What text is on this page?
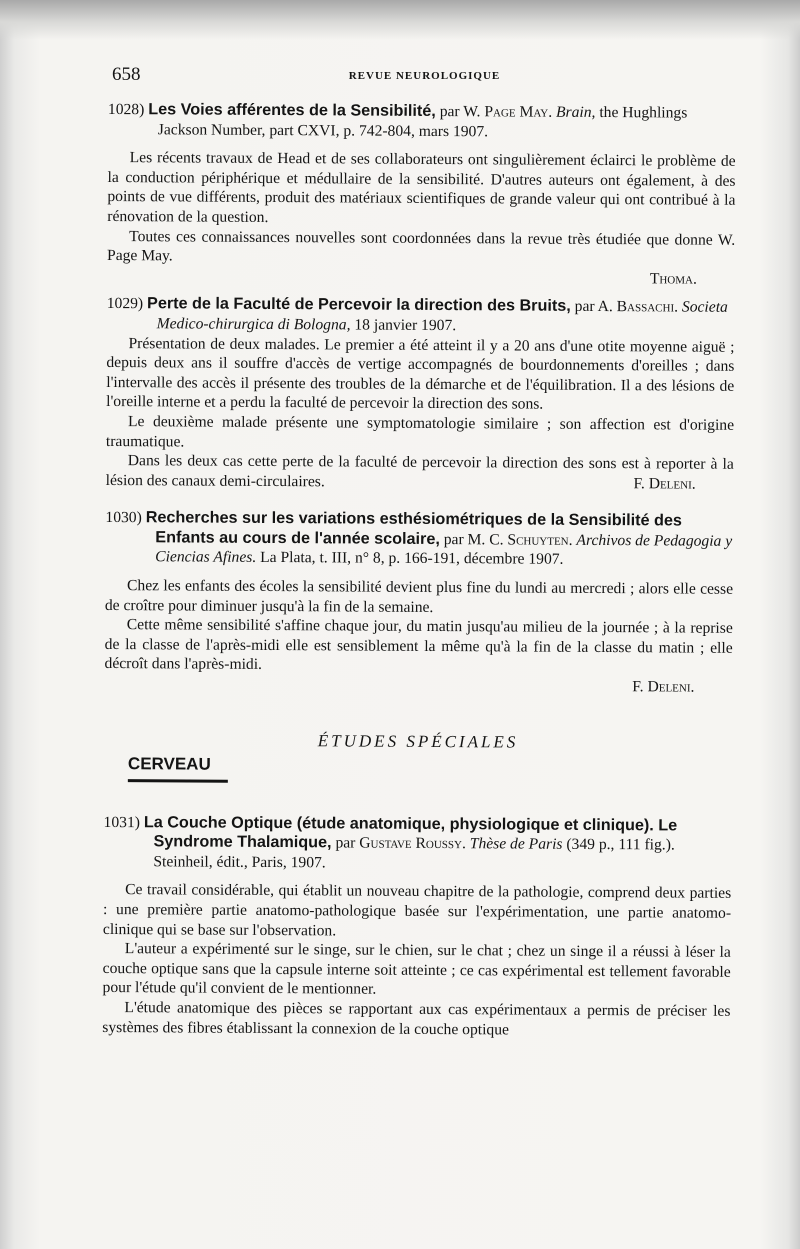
658	REVUE NEUROLOGIQUE

1028) Les Voies afférentes de la Sensibilité, par W. Page May. Brain, the Hughlings Jackson Number, part CXVI, p. 742-804, mars 1907.

Les récents travaux de Head et de ses collaborateurs ont singulièrement éclairci le problème de la conduction périphérique et médullaire de la sensibilité. D'autres auteurs ont également, à des points de vue différents, produit des matériaux scientifiques de grande valeur qui ont contribué à la rénovation de la question.

Toutes ces connaissances nouvelles sont coordonnées dans la revue très étudiée que donne W. Page May.

Thoma.

1029) Perte de la Faculté de Percevoir la direction des Bruits, par A. Bassachi. Societa Medico-chirurgica di Bologna, 18 janvier 1907.

Présentation de deux malades. Le premier a été atteint il y a 20 ans d'une otite moyenne aiguë ; depuis deux ans il souffre d'accès de vertige accompagnés de bourdonnements d'oreilles ; dans l'intervalle des accès il présente des troubles de la démarche et de l'équilibration. Il a des lésions de l'oreille interne et a perdu la faculté de percevoir la direction des sons.

Le deuxième malade présente une symptomatologie similaire ; son affection est d'origine traumatique.

Dans les deux cas cette perte de la faculté de percevoir la direction des sons est à reporter à la lésion des canaux demi-circulaires.	F. Deleni.

1030) Recherches sur les variations esthésiométriques de la Sensibilité des Enfants au cours de l'année scolaire, par M. C. Schuyten. Archivos de Pedagogia y Ciencias Afines. La Plata, t. III, n° 8, p. 166-191, décembre 1907.

Chez les enfants des écoles la sensibilité devient plus fine du lundi au mercredi ; alors elle cesse de croître pour diminuer jusqu'à la fin de la semaine.

Cette même sensibilité s'affine chaque jour, du matin jusqu'au milieu de la journée ; à la reprise de la classe de l'après-midi elle est sensiblement la même qu'à la fin de la classe du matin ; elle décroît dans l'après-midi.

F. Deleni.
ÉTUDES SPÉCIALES
CERVEAU

1031) La Couche Optique (étude anatomique, physiologique et clinique). Le Syndrome Thalamique, par Gustave Roussy. Thèse de Paris (349 p., 111 fig.). Steinheil, édit., Paris, 1907.

Ce travail considérable, qui établit un nouveau chapitre de la pathologie, comprend deux parties : une première partie anatomo-pathologique basée sur l'expérimentation, une partie anatomo-clinique qui se base sur l'observation.

L'auteur a expérimenté sur le singe, sur le chien, sur le chat ; chez un singe il a réussi à léser la couche optique sans que la capsule interne soit atteinte ; ce cas expérimental est tellement favorable pour l'étude qu'il convient de le mentionner.

L'étude anatomique des pièces se rapportant aux cas expérimentaux a permis de préciser les systèmes des fibres établissant la connexion de la couche optique
